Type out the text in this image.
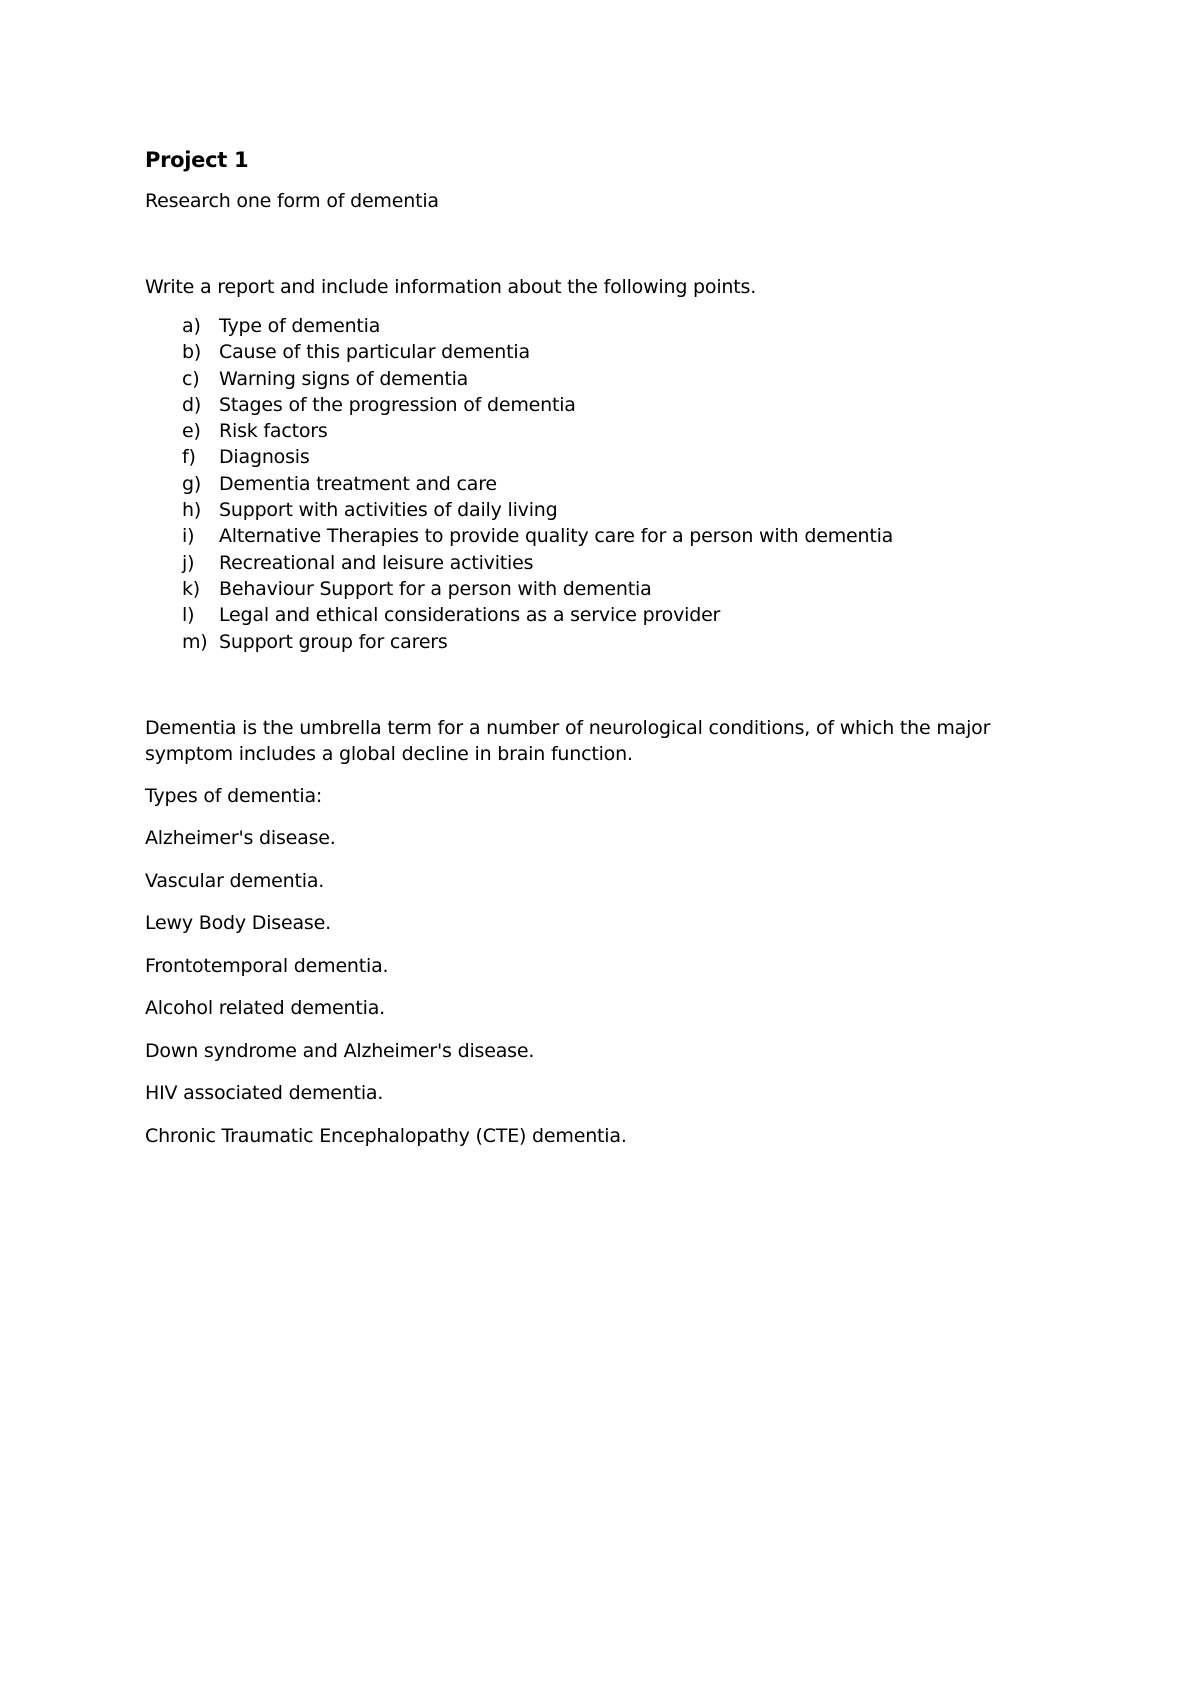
Project 1

Research one form of dementia

Write a report and include information about the following points.

a) Type of dementia
b) Cause of this particular dementia
c)	Warning signs of dementia
d) Stages of the progression of dementia
e) Risk factors
f)	Diagnosis
g) Dementia treatment and care
h) Support with activities of daily living
i)	Alternative Therapies to provide quality care for a person with dementia
j)	Recreational and leisure activities
k) Behaviour Support for a person with dementia
l)	Legal and ethical considerations as a service provider
m) Support group for carers

Dementia is the umbrella term for a number of neurological conditions, of which the major symptom includes a global decline in brain function.

Types of dementia:

Alzheimer's disease.

Vascular dementia.

Lewy Body Disease.

Frontotemporal dementia.

Alcohol related dementia.

Down syndrome and Alzheimer's disease.

HIV associated dementia.

Chronic Traumatic Encephalopathy (CTE) dementia.
